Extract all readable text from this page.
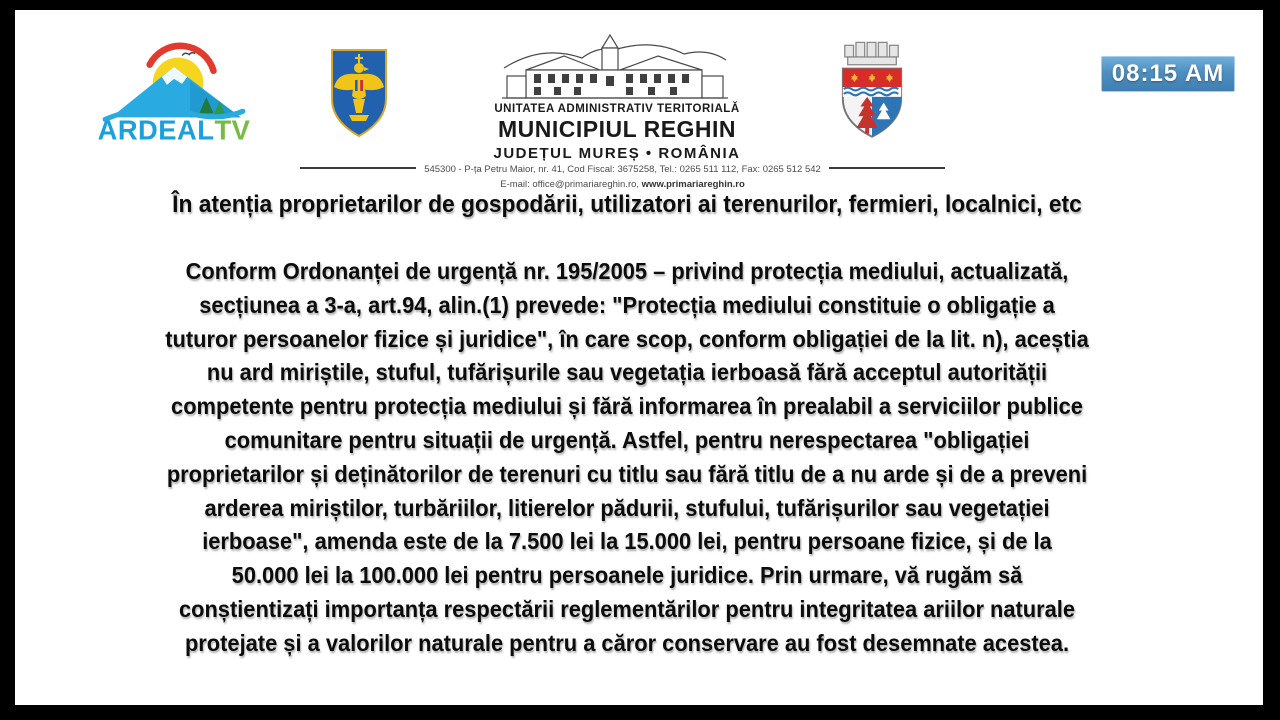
ARDEALTV
UNITATEA ADMINISTRATIV TERITORIALĂ
MUNICIPIUL REGHIN
JUDEȚUL MUREȘ • ROMÂNIA
545300 - P-ța Petru Maior, nr. 41, Cod Fiscal: 3675258, Tel.: 0265 511 112, Fax: 0265 512 542
E-mail: office@primariareghin.ro, www.primariareghin.ro
În atenția proprietarilor de gospodării, utilizatori ai terenurilor, fermieri, localnici, etc
Conform Ordonanței de urgență nr. 195/2005 – privind protecția mediului, actualizată,
secțiunea a 3-a, art.94, alin.(1) prevede: "Protecția mediului constituie o obligație a
tuturor persoanelor fizice și juridice", în care scop, conform obligației de la lit. n), aceștia
nu ard miriștile, stuful, tufărișurile sau vegetația ierboasă fără acceptul autorității
competente pentru protecția mediului și fără informarea în prealabil a serviciilor publice
comunitare pentru situații de urgență. Astfel, pentru nerespectarea "obligației
proprietarilor și deținătorilor de terenuri cu titlu sau fără titlu de a nu arde și de a preveni
arderea miriștilor, turbăriilor, litierelor pădurii, stufului, tufărișurilor sau vegetației
ierboase", amenda este de la 7.500 lei la 15.000 lei, pentru persoane fizice, și de la
50.000 lei la 100.000 lei pentru persoanele juridice. Prin urmare, vă rugăm să
conștientizați importanța respectării reglementărilor pentru integritatea ariilor naturale
protejate și a valorilor naturale pentru a căror conservare au fost desemnate acestea.
08:15 AM
